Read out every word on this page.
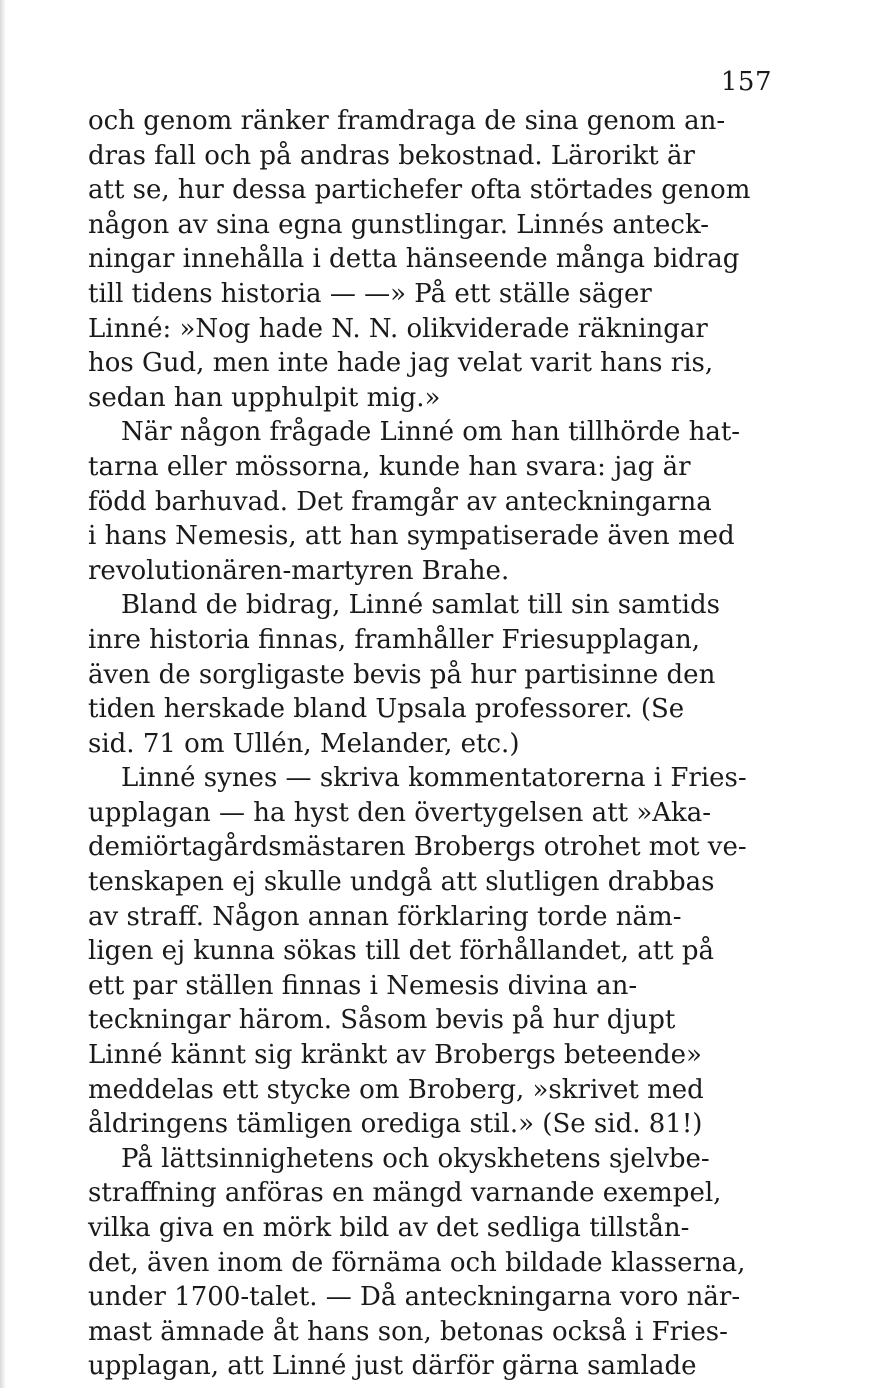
157
och genom ränker framdraga de sina genom an-
dras fall och på andras bekostnad. Lärorikt är
att se, hur dessa partichefer ofta störtades genom
någon av sina egna gunstlingar. Linnés anteck-
ningar innehålla i detta hänseende många bidrag
till tidens historia — —» På ett ställe säger
Linné: »Nog hade N. N. olikviderade räkningar
hos Gud, men inte hade jag velat varit hans ris,
sedan han upphulpit mig.»
När någon frågade Linné om han tillhörde hat-
tarna eller mössorna, kunde han svara: jag är
född barhuvad. Det framgår av anteckningarna
i hans Nemesis, att han sympatiserade även med
revolutionären-martyren Brahe.
Bland de bidrag, Linné samlat till sin samtids
inre historia finnas, framhåller Friesupplagan,
även de sorgligaste bevis på hur partisinne den
tiden herskade bland Upsala professorer. (Se
sid. 71 om Ullén, Melander, etc.)
Linné synes — skriva kommentatorerna i Fries-
upplagan — ha hyst den övertygelsen att »Aka-
demiörtagårdsmästaren Brobergs otrohet mot ve-
tenskapen ej skulle undgå att slutligen drabbas
av straff. Någon annan förklaring torde näm-
ligen ej kunna sökas till det förhållandet, att på
ett par ställen finnas i Nemesis divina an-
teckningar härom. Såsom bevis på hur djupt
Linné kännt sig kränkt av Brobergs beteende»
meddelas ett stycke om Broberg, »skrivet med
åldringens tämligen orediga stil.» (Se sid. 81!)
På lättsinnighetens och okyskhetens sjelvbe-
straffning anföras en mängd varnande exempel,
vilka giva en mörk bild av det sedliga tillstån-
det, även inom de förnäma och bildade klasserna,
under 1700-talet. — Då anteckningarna voro när-
mast ämnade åt hans son, betonas också i Fries-
upplagan, att Linné just därför gärna samlade
